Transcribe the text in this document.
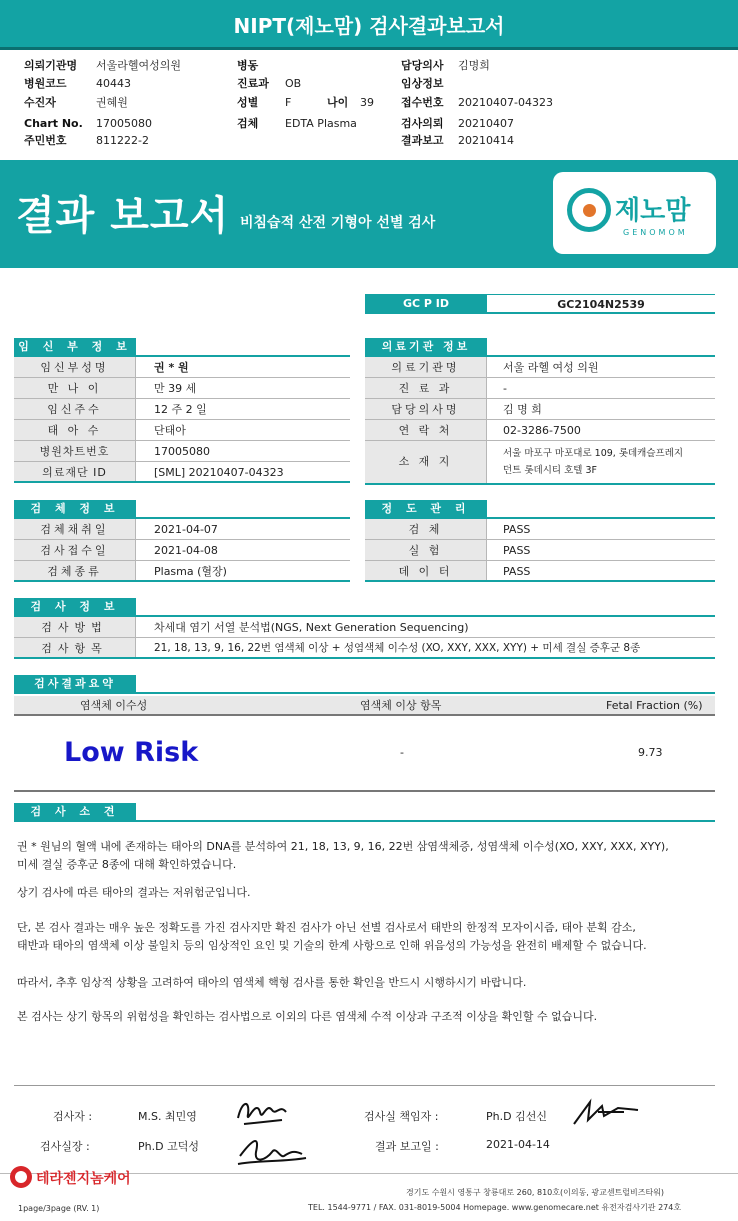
NIPT(제노맘) 검사결과보고서
의뢰기관명 서울라헬여성의원	병동	담당의사 김명희
병원코드	40443	진료과 OB	임상정보
수진자	권혜원	성별 F	나이 39 접수번호 20210407-04323
Chart No. 17005080	검체 EDTA Plasma	검사의뢰 20210407
주민번호	811222-2	결과보고 20210414
결과 보고서 비침습적 산전 기형아 선별 검사	제노맘
GENOMOM
GC P ID	GC2104N2539
임 신 부 정 보
임신부성명	권 * 원
만 나 이	만 39 세
임신주수	12 주 2 일
태 아 수	단태아
병원차트번호	17005080
의료재단 ID	[SML] 20210407-04323
의료기관 정보
의료기관명	서울 라헬 여성 의원
진 료 과	-
담당의사명	김 명 희
연 락 처	02-3286-7500
소 재 지
서울 마포구 마포대로 109, 롯데캐슬프레지
던트 롯데시티 호텔 3F
검 체 정 보
검체채취일	2021-04-07
검사접수일	2021-04-08
검체종류	Plasma (혈장)
정 도 관 리
검 체	PASS
실 험	PASS
데 이 터	PASS
검 사 정 보
검사방법	차세대 염기 서열 분석법(NGS, Next Generation Sequencing)
검사항목	21, 18, 13, 9, 16, 22번 염색체 이상 + 성염색체 이수성 (XO, XXY, XXX, XYY) + 미세 결실 증후군 8종
검사결과요약
염색체 이수성	염색체 이상 항목	Fetal Fraction (%)
Low Risk	-	9.73
검 사 소 견

권 * 원님의 혈액 내에 존재하는 태아의 DNA를 분석하여 21, 18, 13, 9, 16, 22번 삼염색체증, 성염색체 이수성(XO, XXY, XXX, XYY),

미세 결실 증후군 8종에 대해 확인하였습니다.

상기 검사에 따른 태아의 결과는 저위험군입니다.

단, 본 검사 결과는 매우 높은 정확도를 가진 검사지만 확진 검사가 아닌 선별 검사로서 태반의 한정적 모자이시즘, 태아 분획 감소,

태반과 태아의 염색체 이상 불일치 등의 임상적인 요인 및 기술의 한계 사항으로 인해 위음성의 가능성을 완전히 배제할 수 없습니다.

따라서, 추후 임상적 상황을 고려하여 태아의 염색체 핵형 검사를 통한 확인을 반드시 시행하시기 바랍니다.

본 검사는 상기 항목의 위험성을 확인하는 검사법으로 이외의 다른 염색체 수적 이상과 구조적 이상을 확인할 수 없습니다.

검사자 :	M.S. 최민영	검사실 책임자 :	Ph.D 김선신
검사실장 :	Ph.D 고덕성	결과 보고일 :	2021-04-14
테라젠지놈케어
1page/3page (RV. 1)
경기도 수원시 영통구 창룡대로 260, 810호(이의동, 광교센트럴비즈타워)
TEL. 1544-9771 / FAX. 031-8019-5004 Homepage. www.genomecare.net 유전자검사기관 274호
